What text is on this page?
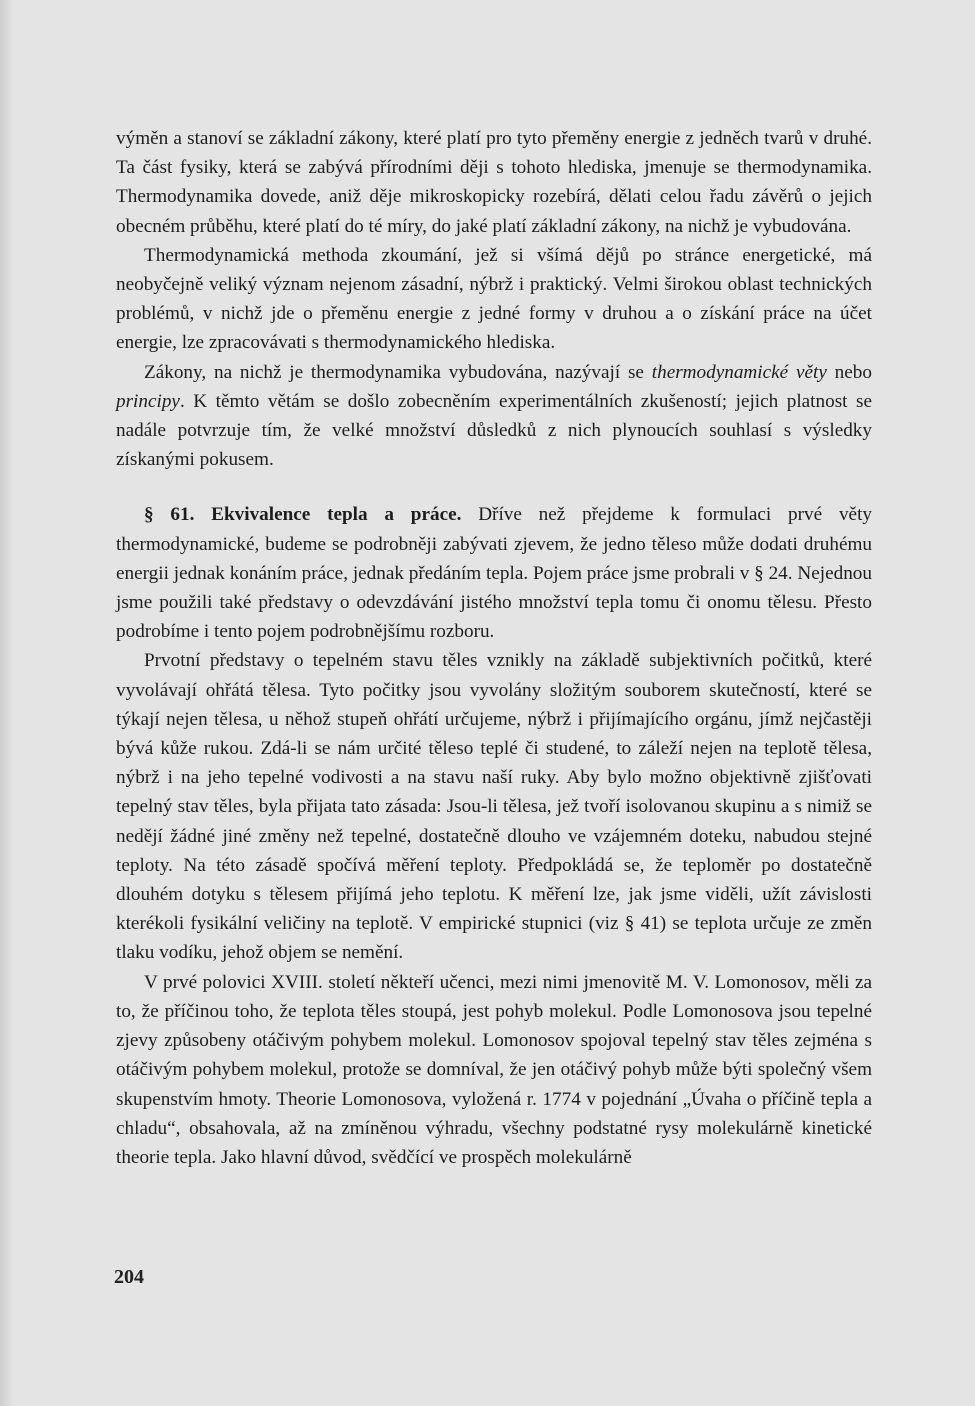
výměn a stanoví se základní zákony, které platí pro tyto přeměny energie z jedněch tvarů v druhé. Ta část fysiky, která se zabývá přírodními ději s tohoto hlediska, jmenuje se thermodynamika. Thermodynamika dovede, aniž děje mikroskopicky rozebírá, dělati celou řadu závěrů o jejich obecném průběhu, které platí do té míry, do jaké platí základní zákony, na nichž je vybudována.

Thermodynamická methoda zkoumání, jež si všímá dějů po stránce energetické, má neobyčejně veliký význam nejenom zásadní, nýbrž i praktický. Velmi širokou oblast technických problémů, v nichž jde o přeměnu energie z jedné formy v druhou a o získání práce na účet energie, lze zpracovávati s thermodynamického hlediska.

Zákony, na nichž je thermodynamika vybudována, nazývají se thermodynamické věty nebo principy. K těmto větám se došlo zobecněním experimentálních zkušeností; jejich platnost se nadále potvrzuje tím, že velké množství důsledků z nich plynoucích souhlasí s výsledky získanými pokusem.

§ 61. Ekvivalence tepla a práce. Dříve než přejdeme k formulaci prvé věty thermodynamické, budeme se podrobněji zabývati zjevem, že jedno těleso může dodati druhému energii jednak konáním práce, jednak předáním tepla. Pojem práce jsme probrali v § 24. Nejednou jsme použili také představy o odevzdávání jistého množství tepla tomu či onomu tělesu. Přesto podrobíme i tento pojem podrobnějšímu rozboru.

Prvotní představy o tepelném stavu těles vznikly na základě subjektivních počitků, které vyvolávají ohřátá tělesa. Tyto počitky jsou vyvolány složitým souborem skutečností, které se týkají nejen tělesa, u něhož stupeň ohřátí určujeme, nýbrž i přijímajícího orgánu, jímž nejčastěji bývá kůže rukou. Zdá-li se nám určité těleso teplé či studené, to záleží nejen na teplotě tělesa, nýbrž i na jeho tepelné vodivosti a na stavu naší ruky. Aby bylo možno objektivně zjišťovati tepelný stav těles, byla přijata tato zásada: Jsou-li tělesa, jež tvoří isolovanou skupinu a s nimiž se nedějí žádné jiné změny než tepelné, dostatečně dlouho ve vzájemném doteku, nabudou stejné teploty. Na této zásadě spočívá měření teploty. Předpokládá se, že teploměr po dostatečně dlouhém dotyku s tělesem přijímá jeho teplotu. K měření lze, jak jsme viděli, užít závislosti kterékoli fysikální veličiny na teplotě. V empirické stupnici (viz § 41) se teplota určuje ze změn tlaku vodíku, jehož objem se nemění.

V prvé polovici XVIII. století někteří učenci, mezi nimi jmenovitě M. V. Lomonosov, měli za to, že příčinou toho, že teplota těles stoupá, jest pohyb molekul. Podle Lomonosova jsou tepelné zjevy způsobeny otáčivým pohybem molekul. Lomonosov spojoval tepelný stav těles zejména s otáčivým pohybem molekul, protože se domníval, že jen otáčivý pohyb může býti společný všem skupenstvím hmoty. Theorie Lomonosova, vyložená r. 1774 v pojednání „Úvaha o příčině tepla a chladu“, obsahovala, až na zmíněnou výhradu, všechny podstatné rysy molekulárně kinetické theorie tepla. Jako hlavní důvod, svědčící ve prospěch molekulárně

204
